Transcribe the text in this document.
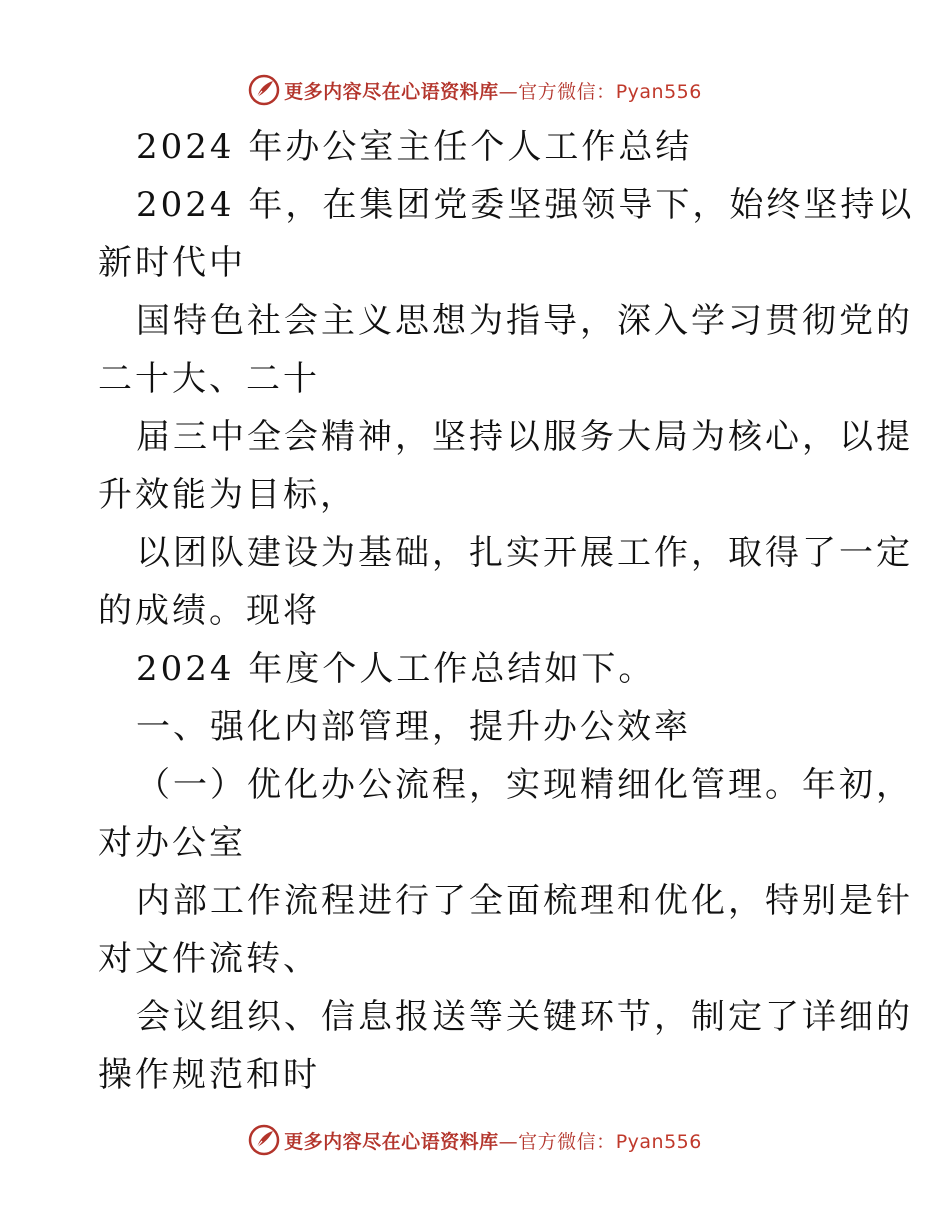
更多内容尽在心语资料库—官方微信：Pyan556
2024 年办公室主任个人工作总结
2024 年，在集团党委坚强领导下，始终坚持以
新时代中
国特色社会主义思想为指导，深入学习贯彻党的
二十大、二十
届三中全会精神，坚持以服务大局为核心，以提
升效能为目标，
以团队建设为基础，扎实开展工作，取得了一定
的成绩。现将
2024 年度个人工作总结如下。
一、强化内部管理，提升办公效率
（一）优化办公流程，实现精细化管理。年初，
对办公室
内部工作流程进行了全面梳理和优化，特别是针
对文件流转、
会议组织、信息报送等关键环节，制定了详细的
操作规范和时
更多内容尽在心语资料库—官方微信：Pyan556
